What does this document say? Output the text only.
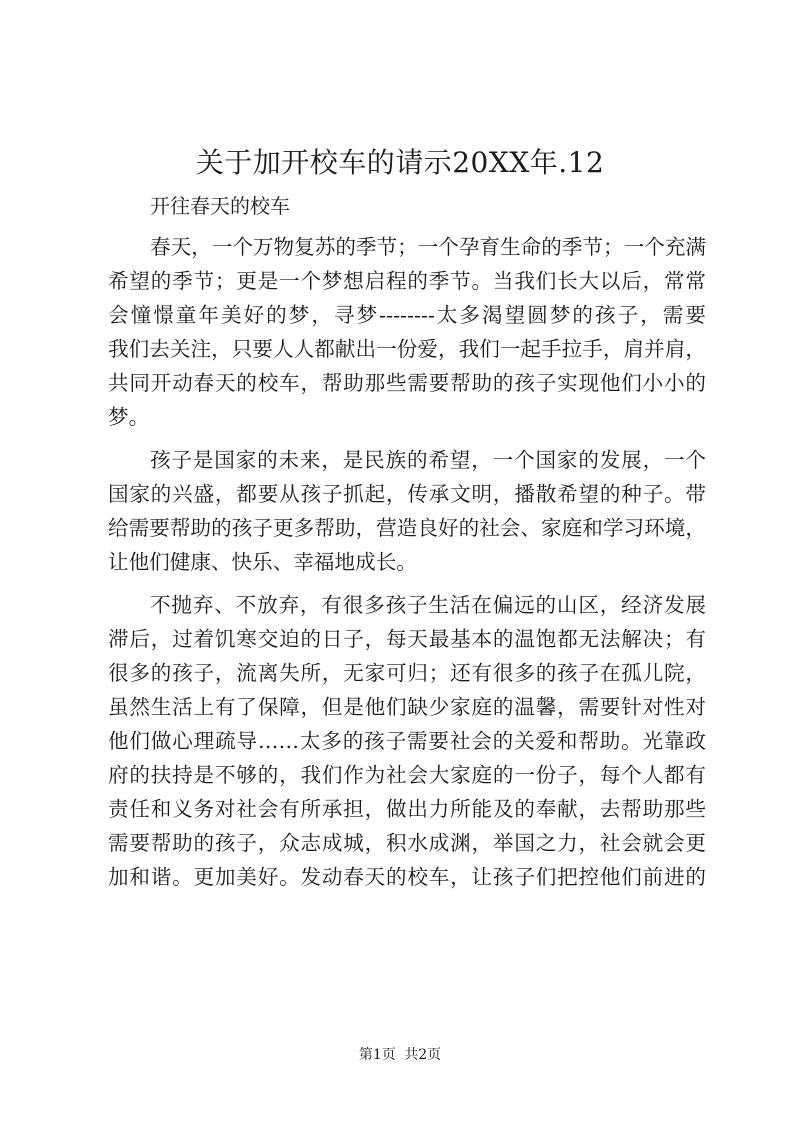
关于加开校车的请示20XX年.12

开往春天的校车

春天，一个万物复苏的季节；一个孕育生命的季节；一个充满
希望的季节；更是一个梦想启程的季节。当我们长大以后，常常
会憧憬童年美好的梦，寻梦--------太多渴望圆梦的孩子，需要
我们去关注，只要人人都献出一份爱，我们一起手拉手，肩并肩，
共同开动春天的校车，帮助那些需要帮助的孩子实现他们小小的
梦。
孩子是国家的未来，是民族的希望，一个国家的发展，一个
国家的兴盛，都要从孩子抓起，传承文明，播散希望的种子。带
给需要帮助的孩子更多帮助，营造良好的社会、家庭和学习环境，
让他们健康、快乐、幸福地成长。
不抛弃、不放弃，有很多孩子生活在偏远的山区，经济发展
滞后，过着饥寒交迫的日子，每天最基本的温饱都无法解决；有
很多的孩子，流离失所，无家可归；还有很多的孩子在孤儿院，
虽然生活上有了保障，但是他们缺少家庭的温馨，需要针对性对
他们做心理疏导……太多的孩子需要社会的关爱和帮助。光靠政
府的扶持是不够的，我们作为社会大家庭的一份子，每个人都有
责任和义务对社会有所承担，做出力所能及的奉献，去帮助那些
需要帮助的孩子，众志成城，积水成渊，举国之力，社会就会更
加和谐。更加美好。发动春天的校车，让孩子们把控他们前进的
第1页 共2页
